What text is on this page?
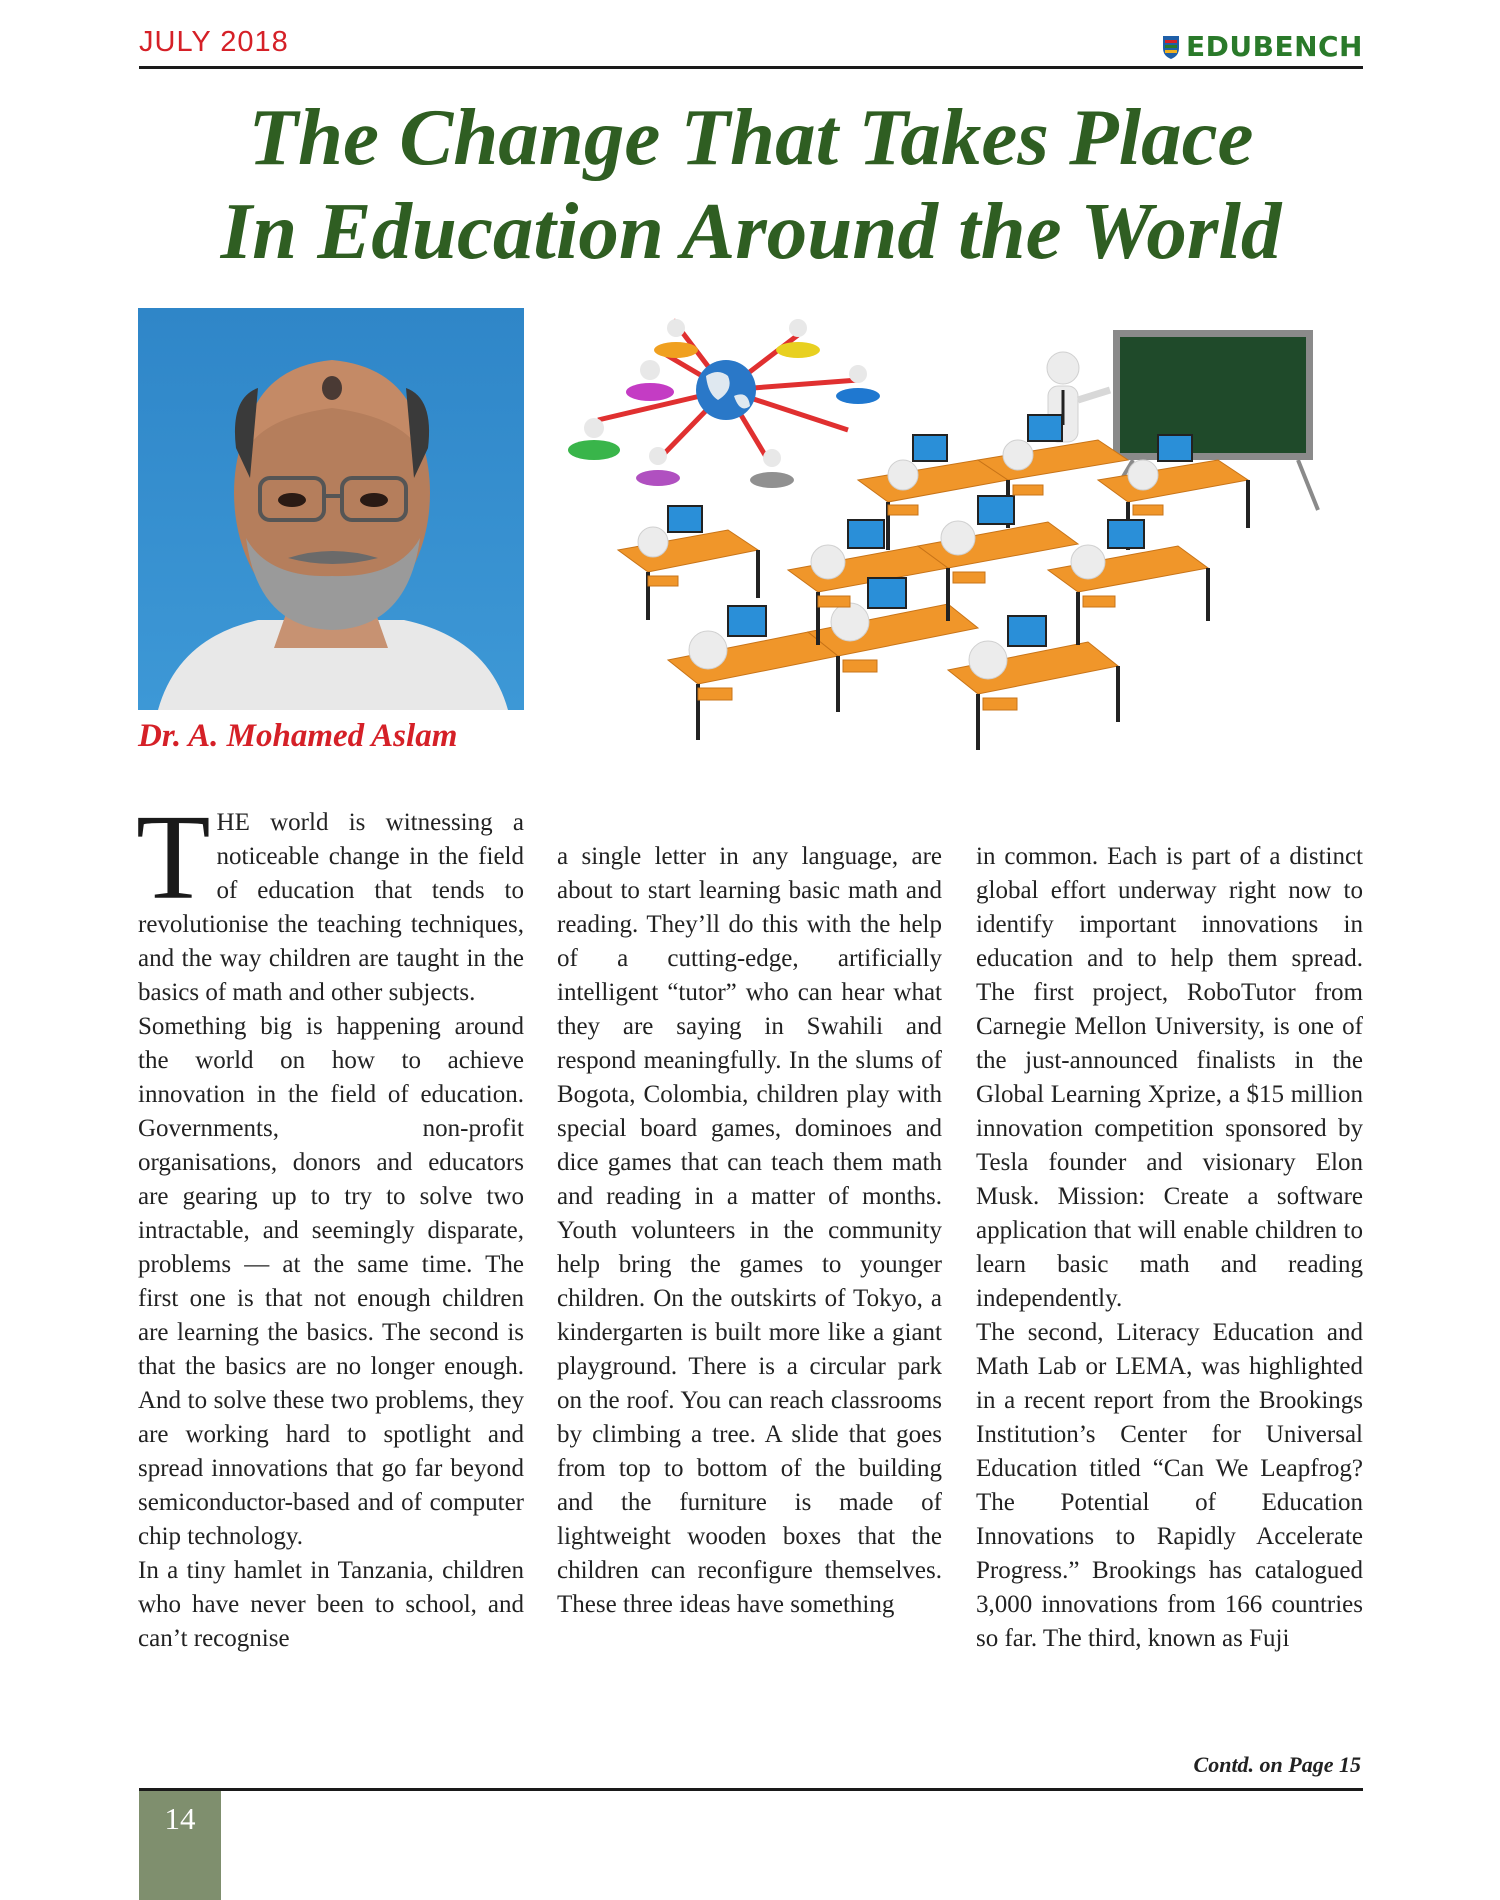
JULY 2018	EDUBENCH
The Change That Takes Place
In Education Around the World
Dr. A. Mohamed Aslam

THE world is witnessing a noticeable change in the field of education that tends to revolutionise the teaching techniques, and the way children are taught in the basics of math and other subjects.

Something big is happening around the world on how to achieve innovation in the field of education. Governments, non-profit organisations, donors and educators are gearing up to try to solve two intractable, and seemingly disparate, problems — at the same time. The first one is that not enough children are learning the basics. The second is that the basics are no longer enough. And to solve these two problems, they are working hard to spotlight and spread innovations that go far beyond semiconductor-based and of computer chip technology.

In a tiny hamlet in Tanzania, children who have never been to school, and can’t recognise

a single letter in any language, are about to start learning basic math and reading. They’ll do this with the help of a cutting-edge, artificially intelligent “tutor” who can hear what they are saying in Swahili and respond meaningfully. In the slums of Bogota, Colombia, children play with special board games, dominoes and dice games that can teach them math and reading in a matter of months. Youth volunteers in the community help bring the games to younger children. On the outskirts of Tokyo, a kindergarten is built more like a giant playground. There is a circular park on the roof. You can reach classrooms by climbing a tree. A slide that goes from top to bottom of the building and the furniture is made of lightweight wooden boxes that the children can reconfigure themselves. These three ideas have something

in common. Each is part of a distinct global effort underway right now to identify important innovations in education and to help them spread. The first project, RoboTutor from Carnegie Mellon University, is one of the just-announced finalists in the Global Learning Xprize, a $15 million innovation competition sponsored by Tesla founder and visionary Elon Musk. Mission: Create a software application that will enable children to learn basic math and reading independently.

The second, Literacy Education and Math Lab or LEMA, was highlighted in a recent report from the Brookings Institution’s Center for Universal Education titled “Can We Leapfrog? The Potential of Education Innovations to Rapidly Accelerate Progress.” Brookings has catalogued 3,000 innovations from 166 countries so far. The third, known as Fuji

Contd. on Page 15
14
